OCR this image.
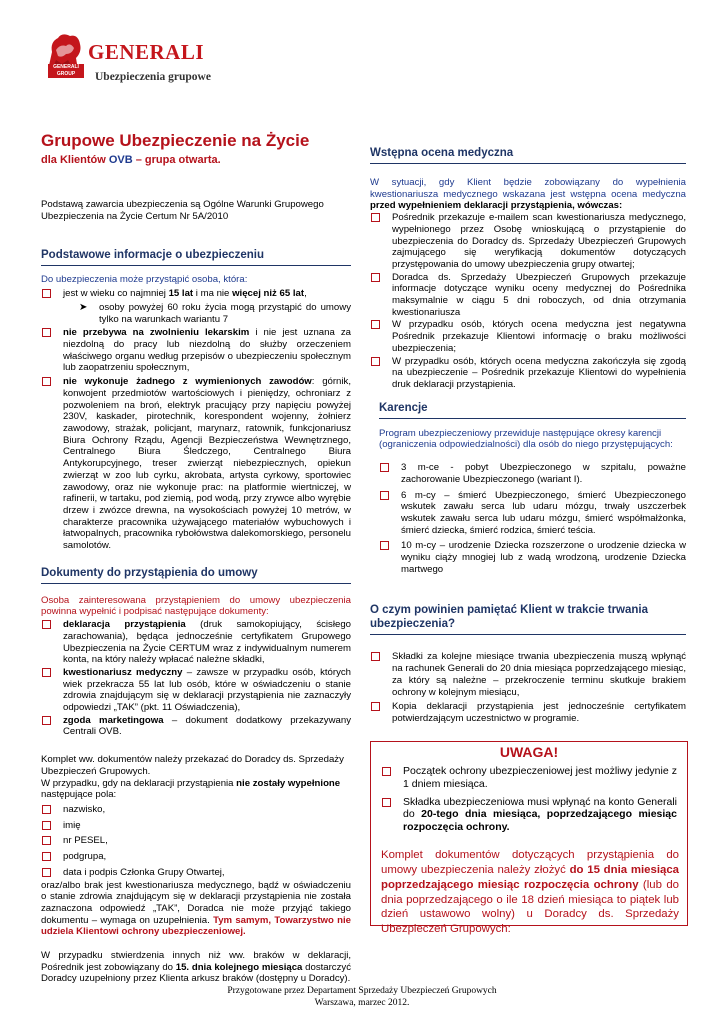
GENERALI
GENERALI GROUP	Ubezpieczenia grupowe
Grupowe Ubezpieczenie na Życie
dla Klientów OVB – grupa otwarta.

Podstawą zawarcia ubezpieczenia są Ogólne Warunki Grupowego Ubezpieczenia na Życie Certum Nr 5A/2010

Podstawowe informacje o ubezpieczeniu

Do ubezpieczenia może przystąpić osoba, która:

jest w wieku co najmniej 15 lat i ma nie więcej niż 65 lat,
➤ osoby powyżej 60 roku życia mogą przystąpić do umowy tylko na warunkach wariantu 7
nie przebywa na zwolnieniu lekarskim i nie jest uznana za niezdolną do pracy lub niezdolną do służby orzeczeniem właściwego organu według przepisów o ubezpieczeniu społecznym lub zaopatrzeniu społecznym,
nie wykonuje żadnego z wymienionych zawodów: górnik, konwojent przedmiotów wartościowych i pieniędzy, ochroniarz z pozwoleniem na broń, elektryk pracujący przy napięciu powyżej 230V, kaskader, pirotechnik, korespondent wojenny, żołnierz zawodowy, strażak, policjant, marynarz, ratownik, funkcjonariusz Biura Ochrony Rządu, Agencji Bezpieczeństwa Wewnętrznego, Centralnego Biura Śledczego, Centralnego Biura Antykorupcyjnego, treser zwierząt niebezpiecznych, opiekun zwierząt w zoo lub cyrku, akrobata, artysta cyrkowy, sportowiec zawodowy, oraz nie wykonuje prac: na platformie wiertniczej, w rafinerii, w tartaku, pod ziemią, pod wodą, przy zrywce albo wyrębie drzew i zwózce drewna, na wysokościach powyżej 10 metrów, w charakterze pracownika używającego materiałów wybuchowych i łatwopalnych, pracownika rybołówstwa dalekomorskiego, personelu samolotów.
Dokumenty do przystąpienia do umowy

Osoba zainteresowana przystąpieniem do umowy ubezpieczenia powinna wypełnić i podpisać następujące dokumenty:

deklaracja przystąpienia (druk samokopiujący, ścisłego zarachowania), będąca jednocześnie certyfikatem Grupowego Ubezpieczenia na Życie CERTUM wraz z indywidualnym numerem konta, na który należy wpłacać należne składki,
kwestionariusz medyczny – zawsze w przypadku osób, których wiek przekracza 55 lat lub osób, które w oświadczeniu o stanie zdrowia znajdującym się w deklaracji przystąpienia nie zaznaczyły odpowiedzi „TAK” (pkt. 11 Oświadczenia),
zgoda marketingowa – dokument dodatkowy przekazywany Centrali OVB.

Komplet ww. dokumentów należy przekazać do Doradcy ds. Sprzedaży Ubezpieczeń Grupowych.

W przypadku, gdy na deklaracji przystąpienia nie zostały wypełnione następujące pola:

nazwisko,
imię
nr PESEL,
podgrupa,
data i podpis Członka Grupy Otwartej,

oraz/albo brak jest kwestionariusza medycznego, bądź w oświadczeniu o stanie zdrowia znajdującym się w deklaracji przystąpienia nie została zaznaczona odpowiedź „TAK”, Doradca nie może przyjąć takiego dokumentu – wymaga on uzupełnienia. Tym samym, Towarzystwo nie udziela Klientowi ochrony ubezpieczeniowej.

W przypadku stwierdzenia innych niż ww. braków w deklaracji, Pośrednik jest zobowiązany do 15. dnia kolejnego miesiąca dostarczyć Doradcy uzupełniony przez Klienta arkusz braków (dostępny u Doradcy).

Wstępna ocena medyczna

W sytuacji, gdy Klient będzie zobowiązany do wypełnienia kwestionariusza medycznego wskazana jest wstępna ocena medyczna przed wypełnieniem deklaracji przystąpienia, wówczas:

Pośrednik przekazuje e-mailem scan kwestionariusza medycznego, wypełnionego przez Osobę wnioskującą o przystąpienie do ubezpieczenia do Doradcy ds. Sprzedaży Ubezpieczeń Grupowych zajmującego się weryfikacją dokumentów dotyczących przystępowania do umowy ubezpieczenia grupy otwartej;
Doradca ds. Sprzedaży Ubezpieczeń Grupowych przekazuje informacje dotyczące wyniku oceny medycznej do Pośrednika maksymalnie w ciągu 5 dni roboczych, od dnia otrzymania kwestionariusza
W przypadku osób, których ocena medyczna jest negatywna Pośrednik przekazuje Klientowi informację o braku możliwości ubezpieczenia;
W przypadku osób, których ocena medyczna zakończyła się zgodą na ubezpieczenie – Pośrednik przekazuje Klientowi do wypełnienia druk deklaracji przystąpienia.
Karencje

Program ubezpieczeniowy przewiduje następujące okresy karencji (ograniczenia odpowiedzialności) dla osób do niego przystępujących:

3 m-ce - pobyt Ubezpieczonego w szpitalu, poważne zachorowanie Ubezpieczonego (wariant I).
6 m-cy – śmierć Ubezpieczonego, śmierć Ubezpieczonego wskutek zawału serca lub udaru mózgu, trwały uszczerbek wskutek zawału serca lub udaru mózgu, śmierć współmałżonka, śmierć dziecka, śmierć rodzica, śmierć teścia.
10 m-cy – urodzenie Dziecka rozszerzone o urodzenie dziecka w wyniku ciąży mnogiej lub z wadą wrodzoną, urodzenie Dziecka martwego
O czym powinien pamiętać Klient w trakcie trwania ubezpieczenia?
Składki za kolejne miesiące trwania ubezpieczenia muszą wpłynąć na rachunek Generali do 20 dnia miesiąca poprzedzającego miesiąc, za który są należne – przekroczenie terminu skutkuje brakiem ochrony w kolejnym miesiącu,
Kopia deklaracji przystąpienia jest jednocześnie certyfikatem potwierdzającym uczestnictwo w programie.
UWAGA!
Początek ochrony ubezpieczeniowej jest możliwy jedynie z 1 dniem miesiąca.
Składka ubezpieczeniowa musi wpłynąć na konto Generali do 20-tego dnia miesiąca, poprzedzającego miesiąc rozpoczęcia ochrony.

Komplet dokumentów dotyczących przystąpienia do umowy ubezpieczenia należy złożyć do 15 dnia miesiąca poprzedzającego miesiąc rozpoczęcia ochrony (lub do dnia poprzedzającego o ile 18 dzień miesiąca to piątek lub dzień ustawowo wolny) u Doradcy ds. Sprzedaży Ubezpieczeń Grupowych:

Przygotowane przez Departament Sprzedaży Ubezpieczeń Grupowych
Warszawa, marzec 2012.
